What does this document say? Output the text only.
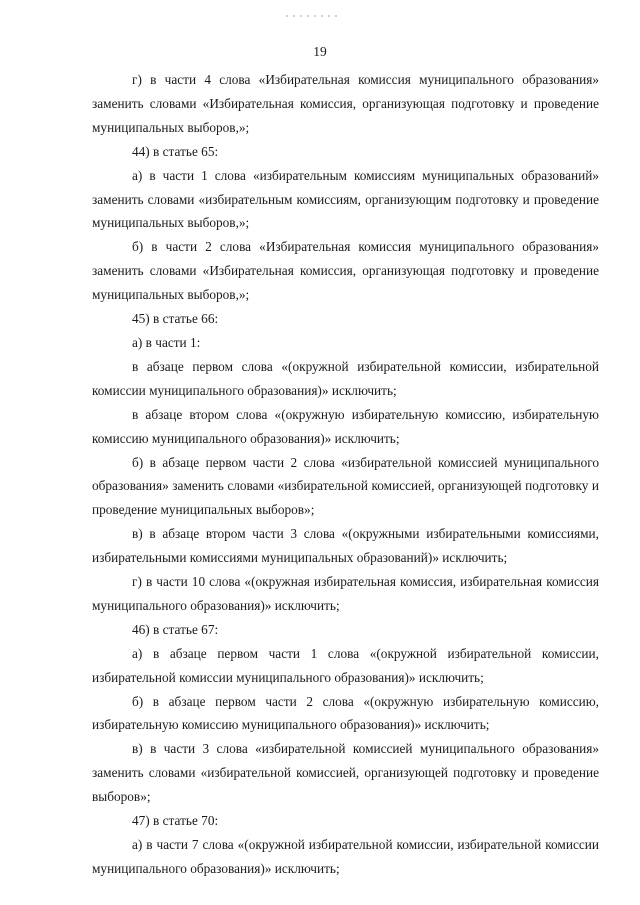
19

г) в части 4 слова «Избирательная комиссия муниципального образования» заменить словами «Избирательная комиссия, организующая подготовку и проведение муниципальных выборов,»;

44) в статье 65:

а) в части 1 слова «избирательным комиссиям муниципальных образований» заменить словами «избирательным комиссиям, организующим подготовку и проведение муниципальных выборов,»;

б) в части 2 слова «Избирательная комиссия муниципального образования» заменить словами «Избирательная комиссия, организующая подготовку и проведение муниципальных выборов,»;

45) в статье 66:

а) в части 1:

в абзаце первом слова «(окружной избирательной комиссии, избирательной комиссии муниципального образования)» исключить;

в абзаце втором слова «(окружную избирательную комиссию, избирательную комиссию муниципального образования)» исключить;

б) в абзаце первом части 2 слова «избирательной комиссией муниципального образования» заменить словами «избирательной комиссией, организующей подготовку и проведение муниципальных выборов»;

в) в абзаце втором части 3 слова «(окружными избирательными комиссиями, избирательными комиссиями муниципальных образований)» исключить;

г) в части 10 слова «(окружная избирательная комиссия, избирательная комиссия муниципального образования)» исключить;

46) в статье 67:

а) в абзаце первом части 1 слова «(окружной избирательной комиссии, избирательной комиссии муниципального образования)» исключить;

б) в абзаце первом части 2 слова «(окружную избирательную комиссию, избирательную комиссию муниципального образования)» исключить;

в) в части 3 слова «избирательной комиссией муниципального образования» заменить словами «избирательной комиссией, организующей подготовку и проведение выборов»;

47) в статье 70:

а) в части 7 слова «(окружной избирательной комиссии, избирательной комиссии муниципального образования)» исключить;
